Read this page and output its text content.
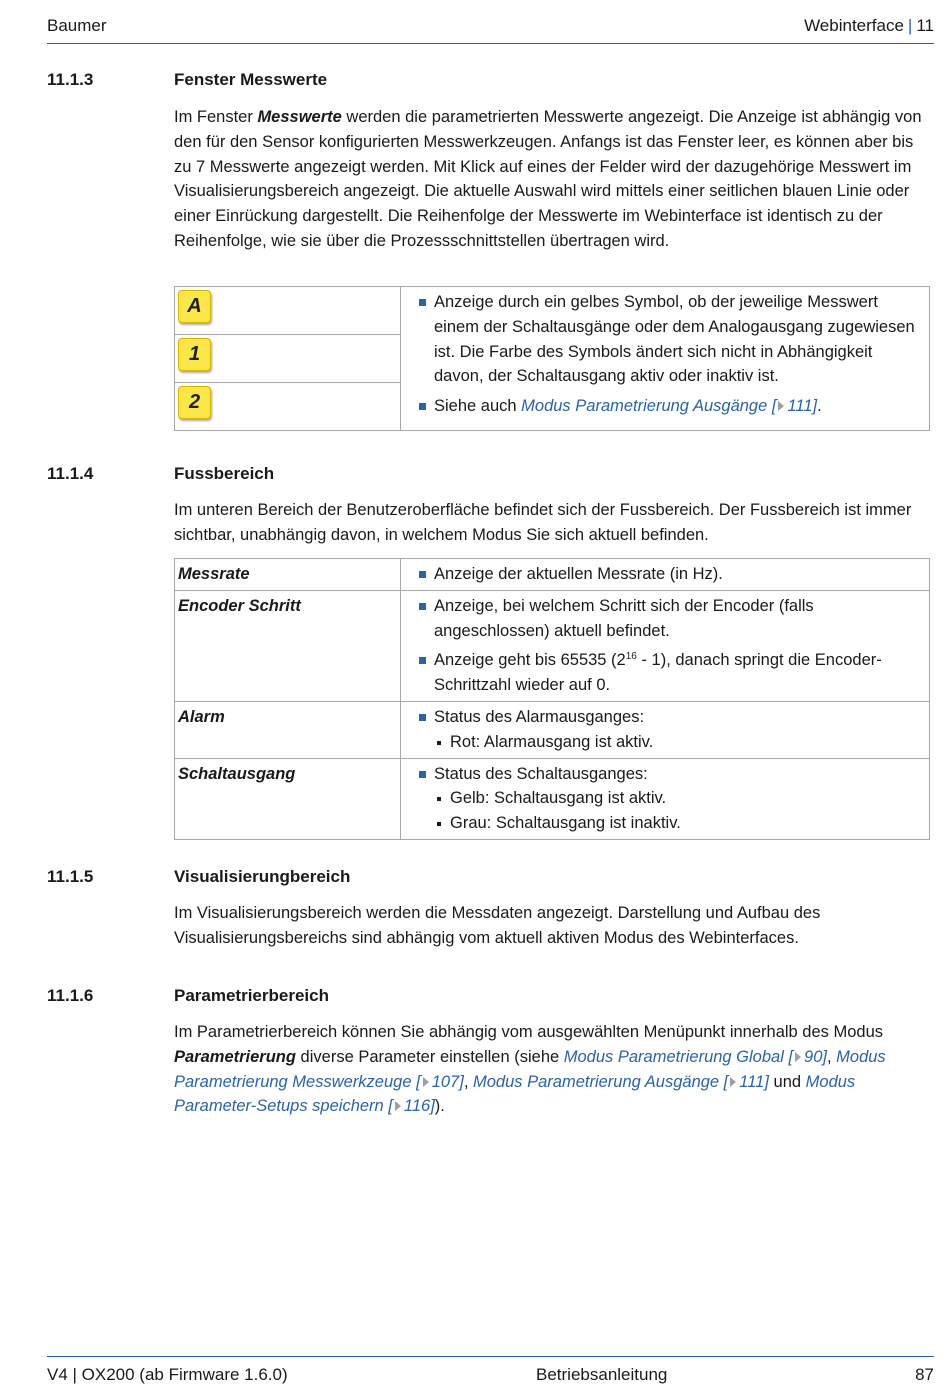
Baumer	Webinterface | 11
11.1.3	Fenster Messwerte
Im Fenster Messwerte werden die parametrierten Messwerte angezeigt. Die Anzeige ist abhängig von den für den Sensor konfigurierten Messwerkzeugen. Anfangs ist das Fenster leer, es können aber bis zu 7 Messwerte angezeigt werden. Mit Klick auf eines der Felder wird der dazugehörige Messwert im Visualisierungsbereich angezeigt. Die aktuelle Auswahl wird mittels einer seitlichen blauen Linie oder einer Einrückung dargestellt. Die Reihenfolge der Messwerte im Webinterface ist identisch zu der Reihenfolge, wie sie über die Prozessschnittstellen übertragen wird.
A	Anzeige durch ein gelbes Symbol, ob der jeweilige Messwert einem der Schaltausgänge oder dem Analogausgang zugewiesen ist. Die Farbe des Symbols ändert sich nicht in Abhängigkeit davon, der Schaltausgang aktiv oder inaktiv ist.
Siehe auch Modus Parametrierung Ausgänge [ 111].

1
2
11.1.4	Fussbereich
Im unteren Bereich der Benutzeroberfläche befindet sich der Fussbereich. Der Fussbereich ist immer sichtbar, unabhängig davon, in welchem Modus Sie sich aktuell befinden.
Messrate	Anzeige der aktuellen Messrate (in Hz).

Encoder Schritt	Anzeige, bei welchem Schritt sich der Encoder (falls angeschlossen) aktuell befindet.
Anzeige geht bis 65535 $(2^{16} - 1)$, danach springt die Encoder-Schrittzahl wieder auf 0.

Alarm	Status des Alarmausganges:
Rot: Alarmausgang ist aktiv.

Schaltausgang	Status des Schaltausganges:
Gelb: Schaltausgang ist aktiv.
Grau: Schaltausgang ist inaktiv.
11.1.5	Visualisierungbereich
Im Visualisierungsbereich werden die Messdaten angezeigt. Darstellung und Aufbau des Visualisierungsbereichs sind abhängig vom aktuell aktiven Modus des Webinterfaces.
11.1.6	Parametrierbereich
Im Parametrierbereich können Sie abhängig vom ausgewählten Menüpunkt innerhalb des Modus Parametrierung diverse Parameter einstellen (siehe Modus Parametrierung Global [ 90], Modus Parametrierung Messwerkzeuge [ 107], Modus Parametrierung Ausgänge [ 111] und Modus Parameter-Setups speichern [ 116]).
V4 | OX200 (ab Firmware 1.6.0)	Betriebsanleitung	87
